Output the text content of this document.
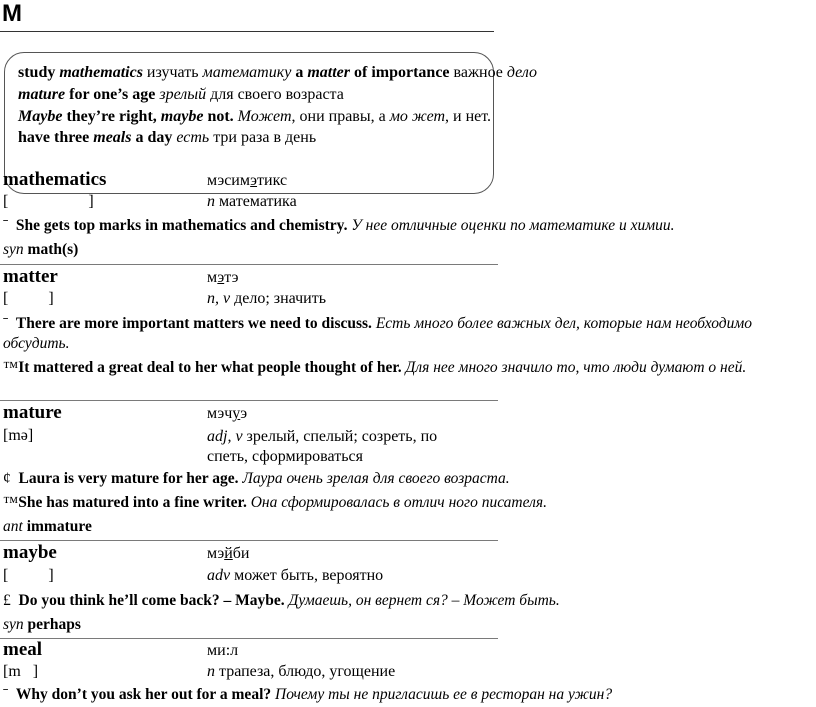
M
study mathematics изучать математику a matter of importance важное дело
mature for one’s age зрелый для своего возраста
Maybe they’re right, maybe not. Может, они правы, а мо жет, и нет.
have three meals a day есть три раза в день
mathematics	мэсимэтикс
[                    ]	n математика
ˉ She gets top marks in mathematics and chemistry. У нее отличные оценки по математике и химии.
syn math(s)
matter	мэтэ
[          ]	n, v дело; значить
ˉ There are more important matters we need to discuss. Есть много более важных дел, которые нам необходимо обсудить.
™It mattered a great deal to her what people thought of her. Для нее много значило то, что люди думают о ней.
mature	мэчуэ
[mə]	adj, v зрелый, спелый; созреть, по
спеть, сформироваться
¢ Laura is very mature for her age. Лаура очень зрелая для своего возраста.
™She has matured into a fine writer. Она сформировалась в отлич ного писателя.
ant immature
maybe	мэйби
[          ]	adv может быть, вероятно
£ Do you think he’ll come back? – Maybe. Думаешь, он вернет ся? – Может быть.
syn perhaps
meal	ми:л
[m   ]	n трапеза, блюдо, угощение
ˉ Why don’t you ask her out for a meal? Почему ты не пригласишь ее в ресторан на ужин?
